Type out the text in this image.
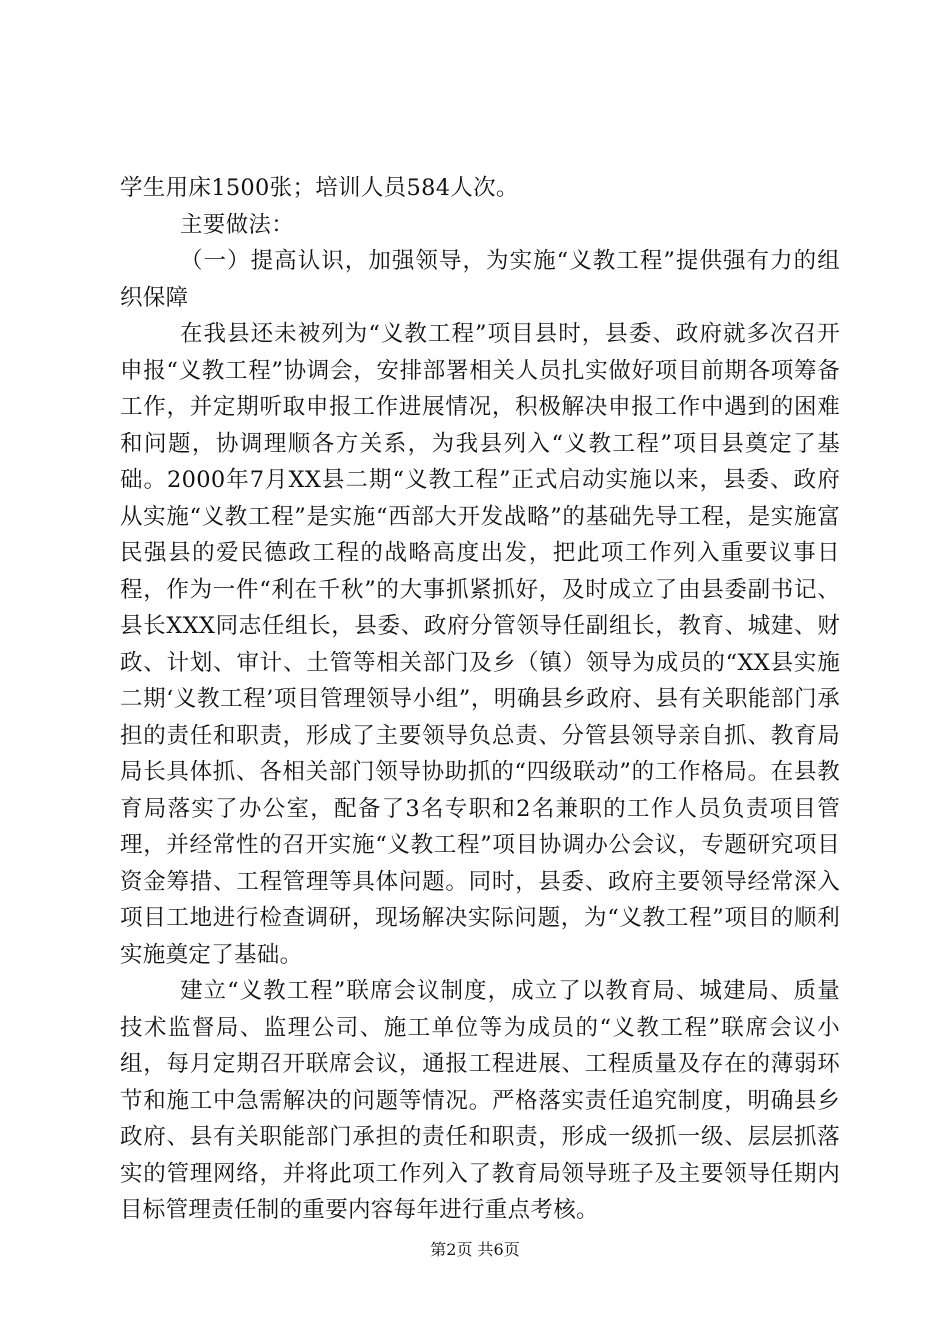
学生用床1500张；培训人员584人次。

主要做法：

（一）提高认识，加强领导，为实施“义教工程”提供强有力的组织保障

在我县还未被列为“义教工程”项目县时，县委、政府就多次召开申报“义教工程”协调会，安排部署相关人员扎实做好项目前期各项筹备工作，并定期听取申报工作进展情况，积极解决申报工作中遇到的困难和问题，协调理顺各方关系，为我县列入“义教工程”项目县奠定了基础。2000年7月XX县二期“义教工程”正式启动实施以来，县委、政府从实施“义教工程”是实施“西部大开发战略”的基础先导工程，是实施富民强县的爱民德政工程的战略高度出发，把此项工作列入重要议事日程，作为一件“利在千秋”的大事抓紧抓好，及时成立了由县委副书记、县长XXX同志任组长，县委、政府分管领导任副组长，教育、城建、财政、计划、审计、土管等相关部门及乡（镇）领导为成员的“XX县实施二期‘义教工程’项目管理领导小组”，明确县乡政府、县有关职能部门承担的责任和职责，形成了主要领导负总责、分管县领导亲自抓、教育局局长具体抓、各相关部门领导协助抓的“四级联动”的工作格局。在县教育局落实了办公室，配备了3名专职和2名兼职的工作人员负责项目管理，并经常性的召开实施“义教工程”项目协调办公会议，专题研究项目资金筹措、工程管理等具体问题。同时，县委、政府主要领导经常深入项目工地进行检查调研，现场解决实际问题，为“义教工程”项目的顺利实施奠定了基础。

建立“义教工程”联席会议制度，成立了以教育局、城建局、质量技术监督局、监理公司、施工单位等为成员的“义教工程”联席会议小组，每月定期召开联席会议，通报工程进展、工程质量及存在的薄弱环节和施工中急需解决的问题等情况。严格落实责任追究制度，明确县乡政府、县有关职能部门承担的责任和职责，形成一级抓一级、层层抓落实的管理网络，并将此项工作列入了教育局领导班子及主要领导任期内目标管理责任制的重要内容每年进行重点考核。

第2页 共6页
